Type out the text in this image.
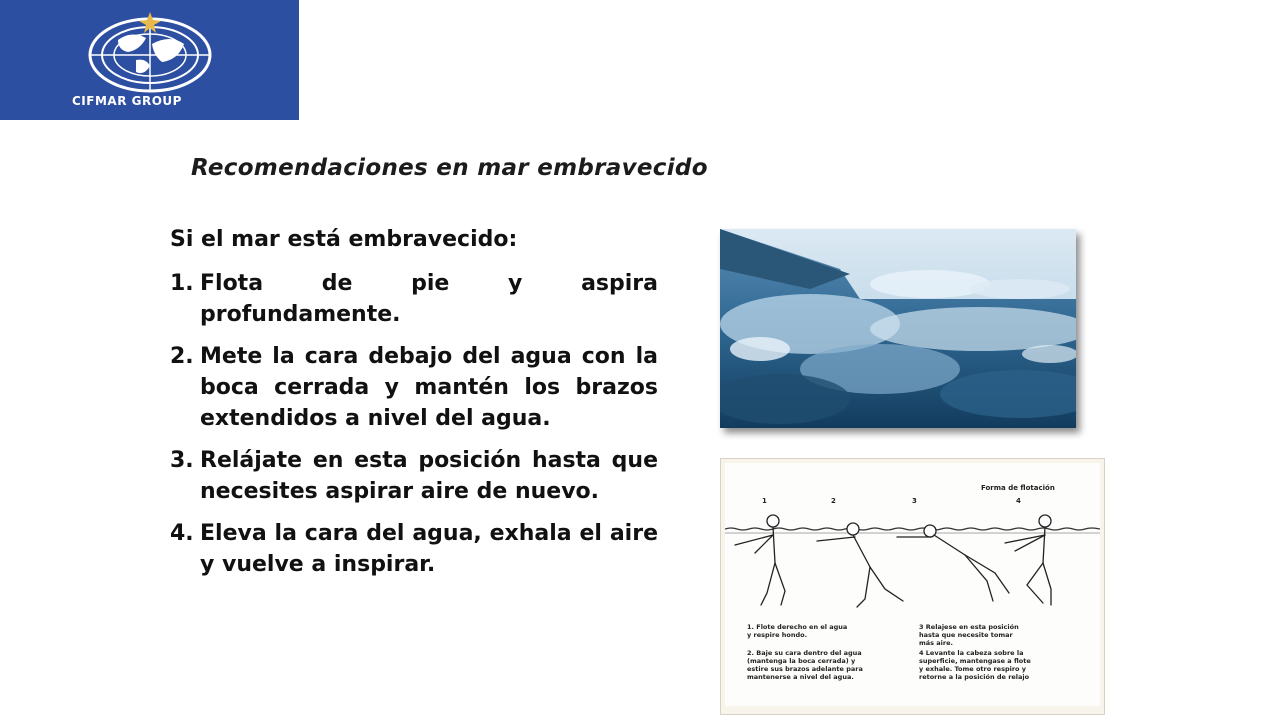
CIFMAR GROUP
Recomendaciones en mar embravecido

Si el mar está embravecido:

1. Flota de pie y aspira profundamente.
2. Mete la cara debajo del agua con la boca cerrada y mantén los brazos extendidos a nivel del agua.
3. Relájate en esta posición hasta que necesites aspirar aire de nuevo.
4. Eleva la cara del agua, exhala el aire y vuelve a inspirar.
Forma de flotación
1	2	3	4
1. Flote derecho en el agua
y respire hondo.
2. Baje su cara dentro del agua
(mantenga la boca cerrada) y
estire sus brazos adelante para
mantenerse a nivel del agua.
3 Relajese en esta posición
hasta que necesite tomar
más aire.
4 Levante la cabeza sobre la
superficie, mantengase a flote
y exhale. Tome otro respiro y
retorne a la posición de relajo
